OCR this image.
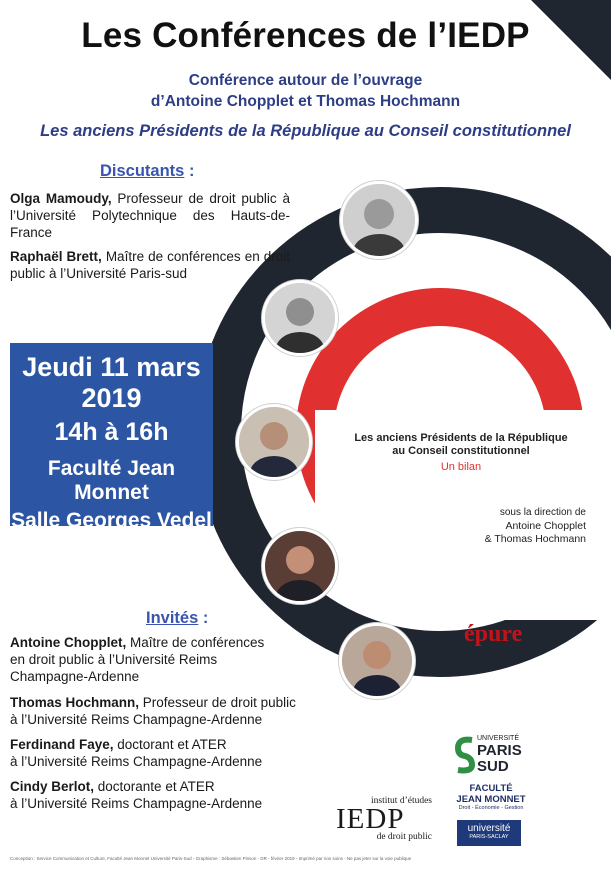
Les Conférences de l’IEDP
Conférence autour de l’ouvrage
d’Antoine Chopplet et Thomas Hochmann
Les anciens Présidents de la République au Conseil constitutionnel
Les anciens Présidents de la République
au Conseil constitutionnel
Un bilan
sous la direction de
Antoine Chopplet
& Thomas Hochmann
épure
Discutants :
Olga Mamoudy, Professeur de droit public à l’Université Polytechnique des Hauts-de-France
Raphaël Brett, Maître de conférences en droit public à l’Université Paris-sud
Jeudi 11 mars 2019
14h à 16h
Faculté Jean Monnet
Salle Georges Vedel
Bâtiment G
Invités :
Antoine Chopplet, Maître de conférences
en droit public à l’Université Reims
Champagne-Ardenne
Thomas Hochmann, Professeur de droit public
à l’Université Reims Champagne-Ardenne
Ferdinand Faye, doctorant et ATER
à l’Université Reims Champagne-Ardenne
Cindy Berlot, doctorante et ATER
à l’Université Reims Champagne-Ardenne	institut d’études
IEDP
de droit public
UNIVERSITÉ
PARIS
SUD
FACULTÉ
JEAN MONNET
Droit - Économie - Gestion
université
PARIS-SACLAY
Conception : Service Communication et Culture, Faculté Jean Monnet Université Paris-Sud - Graphisme : Sébastien Pinson - DR - février 2019 - Imprimé par nos soins - Ne pas jeter sur la voie publique
